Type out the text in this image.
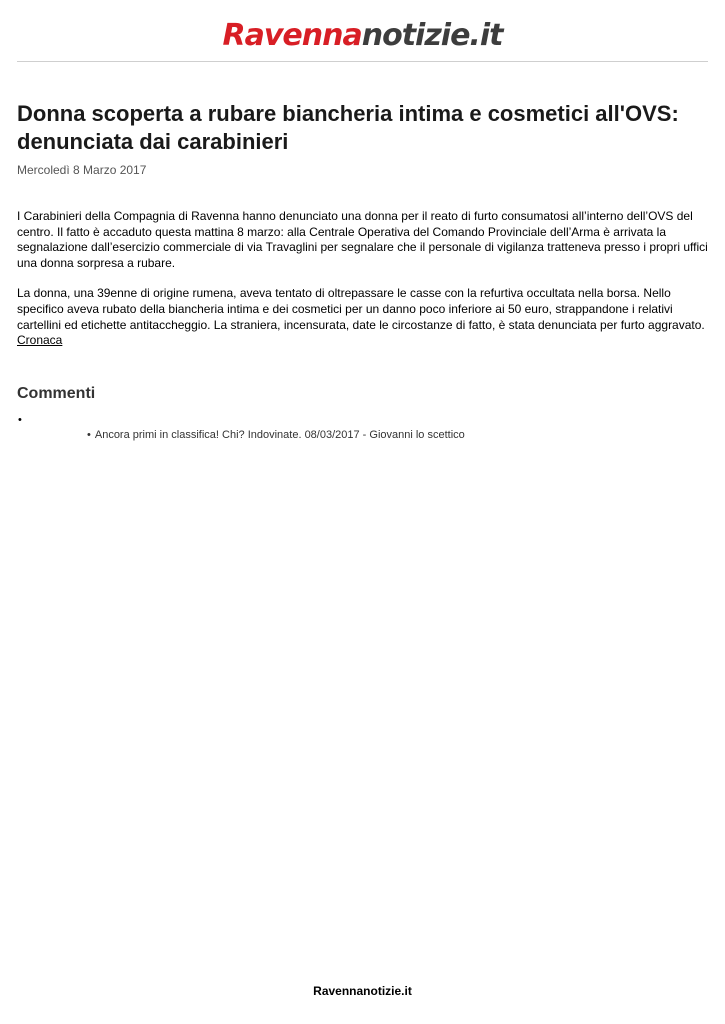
Ravennanotizie.it
Donna scoperta a rubare biancheria intima e cosmetici all'OVS: denunciata dai carabinieri
Mercoledì 8 Marzo 2017

I Carabinieri della Compagnia di Ravenna hanno denunciato una donna per il reato di furto consumatosi all’interno dell’OVS del centro. Il fatto è accaduto questa mattina 8 marzo: alla Centrale Operativa del Comando Provinciale dell’Arma è arrivata la segnalazione dall’esercizio commerciale di via Travaglini per segnalare che il personale di vigilanza tratteneva presso i propri uffici una donna sorpresa a rubare.

La donna, una 39enne di origine rumena, aveva tentato di oltrepassare le casse con la refurtiva occultata nella borsa. Nello specifico aveva rubato della biancheria intima e dei cosmetici per un danno poco inferiore ai 50 euro, strappandone i relativi cartellini ed etichette antitaccheggio. La straniera, incensurata, date le circostanze di fatto, è stata denunciata per furto aggravato.

Cronaca
Commenti
•
• Ancora primi in classifica! Chi? Indovinate. 08/03/2017 - Giovanni lo scettico
Ravennanotizie.it
